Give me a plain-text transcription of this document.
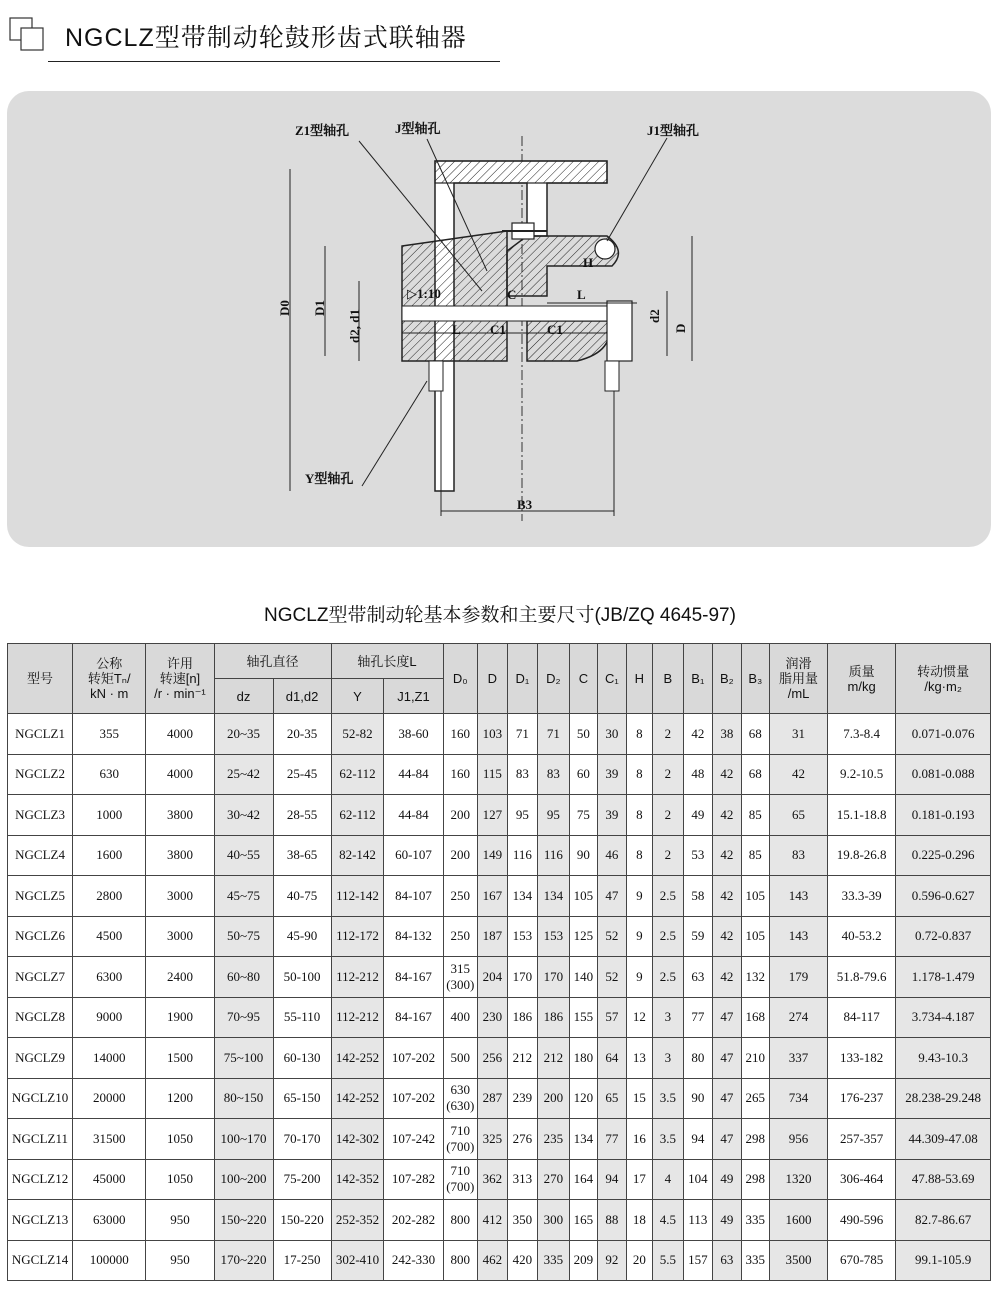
NGCLZ型带制动轮鼓形齿式联轴器
Z1型轴孔	J型轴孔	J1型轴孔
Y型轴孔
▷1:10
D0 D1
d2, d1	d2
D
L C1	C1
C	L
H
B3
NGCLZ型带制动轮基本参数和主要尺寸(JB/ZQ 4645-97)
型号	公称
转矩Tₙ/
kN · m	许用
转速[n]
/r · min⁻¹	轴孔直径		轴孔长度L		D₀	D	D₁	D₂	C	C₁	H	B	B₁	B₂	B₃	润滑
脂用量
/mL	质量
m/kg	转动惯量
/kg·m₂

			dz	d1,d2	Y	J1,Z1														
NGCLZ1	355	4000	20~35	20-35	52-82	38-60	160	103	71	71	50	30	8	2	42	38	68	31	7.3-8.4	0.071-0.076
NGCLZ2	630	4000	25~42	25-45	62-112	44-84	160	115	83	83	60	39	8	2	48	42	68	42	9.2-10.5	0.081-0.088
NGCLZ3	1000	3800	30~42	28-55	62-112	44-84	200	127	95	95	75	39	8	2	49	42	85	65	15.1-18.8	0.181-0.193
NGCLZ4	1600	3800	40~55	38-65	82-142	60-107	200	149	116	116	90	46	8	2	53	42	85	83	19.8-26.8	0.225-0.296
NGCLZ5	2800	3000	45~75	40-75	112-142	84-107	250	167	134	134	105	47	9	2.5	58	42	105	143	33.3-39	0.596-0.627
NGCLZ6	4500	3000	50~75	45-90	112-172	84-132	250	187	153	153	125	52	9	2.5	59	42	105	143	40-53.2	0.72-0.837
NGCLZ7	6300	2400	60~80	50-100	112-212	84-167	315
(300)	204	170	170	140	52	9	2.5	63	42	132	179	51.8-79.6	1.178-1.479
NGCLZ8	9000	1900	70~95	55-110	112-212	84-167	400	230	186	186	155	57	12	3	77	47	168	274	84-117	3.734-4.187
NGCLZ9	14000	1500	75~100	60-130	142-252	107-202	500	256	212	212	180	64	13	3	80	47	210	337	133-182	9.43-10.3
NGCLZ10	20000	1200	80~150	65-150	142-252	107-202	630
(630)	287	239	200	120	65	15	3.5	90	47	265	734	176-237	28.238-29.248
NGCLZ11	31500	1050	100~170	70-170	142-302	107-242	710
(700)	325	276	235	134	77	16	3.5	94	47	298	956	257-357	44.309-47.08
NGCLZ12	45000	1050	100~200	75-200	142-352	107-282	710
(700)	362	313	270	164	94	17	4	104	49	298	1320	306-464	47.88-53.69
NGCLZ13	63000	950	150~220	150-220	252-352	202-282	800	412	350	300	165	88	18	4.5	113	49	335	1600	490-596	82.7-86.67
NGCLZ14	100000	950	170~220	17-250	302-410	242-330	800	462	420	335	209	92	20	5.5	157	63	335	3500	670-785	99.1-105.9
